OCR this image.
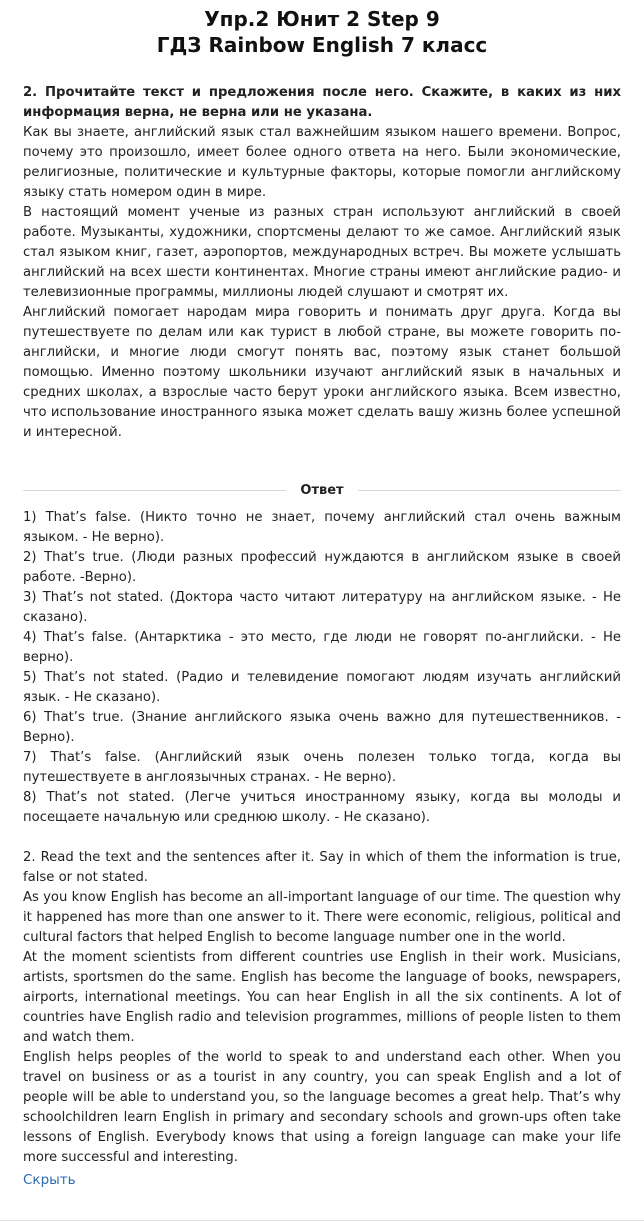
Упр.2 Юнит 2 Step 9
ГДЗ Rainbow English 7 класс

2. Прочитайте текст и предложения после него. Скажите, в каких из них информация верна, не верна или не указана.

Как вы знаете, английский язык стал важнейшим языком нашего времени. Вопрос, почему это произошло, имеет более одного ответа на него. Были экономические, религиозные, политические и культурные факторы, которые помогли английскому языку стать номером один в мире.

В настоящий момент ученые из разных стран используют английский в своей работе. Музыканты, художники, спортсмены делают то же самое. Английский язык стал языком книг, газет, аэропортов, международных встреч. Вы можете услышать английский на всех шести континентах. Многие страны имеют английские радио- и телевизионные программы, миллионы людей слушают и смотрят их.

Английский помогает народам мира говорить и понимать друг друга. Когда вы путешествуете по делам или как турист в любой стране, вы можете говорить по-английски, и многие люди смогут понять вас, поэтому язык станет большой помощью. Именно поэтому школьники изучают английский язык в начальных и средних школах, а взрослые часто берут уроки английского языка. Всем известно, что использование иностранного языка может сделать вашу жизнь более успешной и интересной.

Ответ

1) That’s false. (Никто точно не знает, почему английский стал очень важным языком. - Не верно).

2) That’s true. (Люди разных профессий нуждаются в английском языке в своей работе. -Верно).

3) That’s not stated. (Доктора часто читают литературу на английском языке. - Не сказано).

4) That’s false. (Антарктика - это место, где люди не говорят по-английски. - Не верно).

5) That’s not stated. (Радио и телевидение помогают людям изучать английский язык. - Не сказано).

6) That’s true. (Знание английского языка очень важно для путешественников. - Верно).

7) That’s false. (Английский язык очень полезен только тогда, когда вы путешествуете в англоязычных странах. - Не верно).

8) That’s not stated. (Легче учиться иностранному языку, когда вы молоды и посещаете начальную или среднюю школу. - Не сказано).

2. Read the text and the sentences after it. Say in which of them the information is true, false or not stated.

As you know English has become an all-important language of our time. The question why it happened has more than one answer to it. There were economic, religious, political and cultural factors that helped English to become language number one in the world.

At the moment scientists from different countries use English in their work. Musicians, artists, sportsmen do the same. English has become the language of books, newspapers, airports, international meetings. You can hear English in all the six continents. A lot of countries have English radio and television programmes, millions of people listen to them and watch them.

English helps peoples of the world to speak to and understand each other. When you travel on business or as a tourist in any country, you can speak English and a lot of people will be able to understand you, so the language becomes a great help. That’s why schoolchildren learn English in primary and secondary schools and grown-ups often take lessons of English. Everybody knows that using a foreign language can make your life more successful and interesting.

Скрыть
